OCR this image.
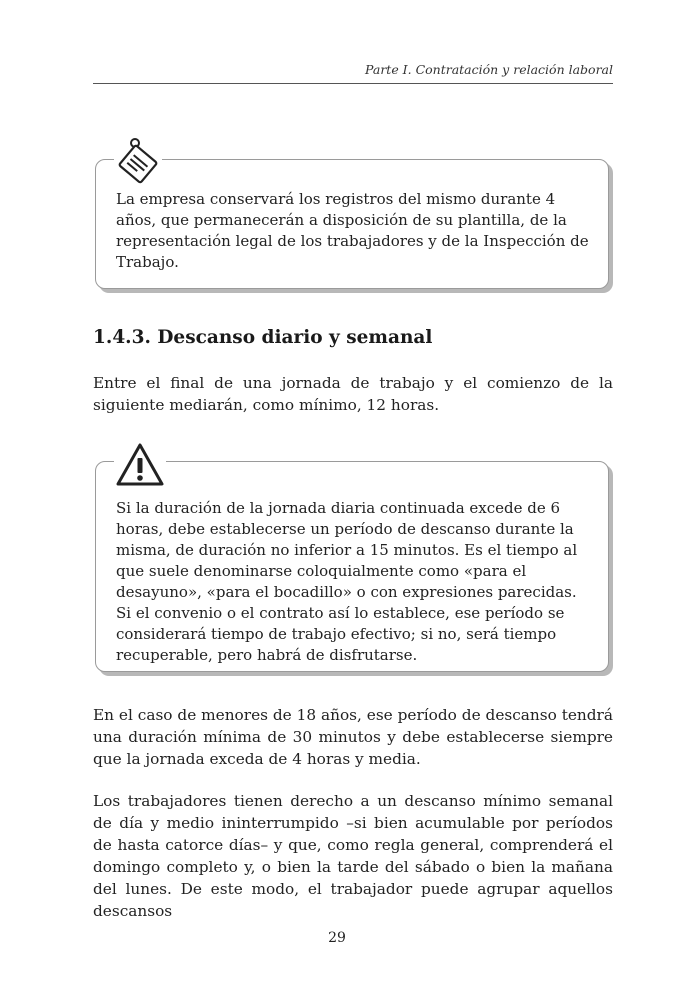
Parte I. Contratación y relación laboral

La empresa conservará los registros del mismo durante 4 años, que permanecerán a disposición de su plantilla, de la representación legal de los trabajadores y de la Inspección de Trabajo.

1.4.3. Descanso diario y semanal

Entre el final de una jornada de trabajo y el comienzo de la siguiente mediarán, como mínimo, 12 horas.

Si la duración de la jornada diaria continuada excede de 6 horas, debe establecerse un período de descanso durante la misma, de duración no inferior a 15 minutos. Es el tiempo al que suele denominarse coloquialmente como «para el desayuno», «para el bocadillo» o con expresiones parecidas. Si el convenio o el contrato así lo establece, ese período se considerará tiempo de trabajo efectivo; si no, será tiempo recuperable, pero habrá de disfrutarse.

En el caso de menores de 18 años, ese período de descanso tendrá una duración mínima de 30 minutos y debe establecerse siempre que la jornada exceda de 4 horas y media.

Los trabajadores tienen derecho a un descanso mínimo semanal de día y medio ininterrumpido –si bien acumulable por períodos de hasta catorce días– y que, como regla general, comprenderá el domingo completo y, o bien la tarde del sábado o bien la mañana del lunes. De este modo, el trabajador puede agrupar aquellos descansos

29
